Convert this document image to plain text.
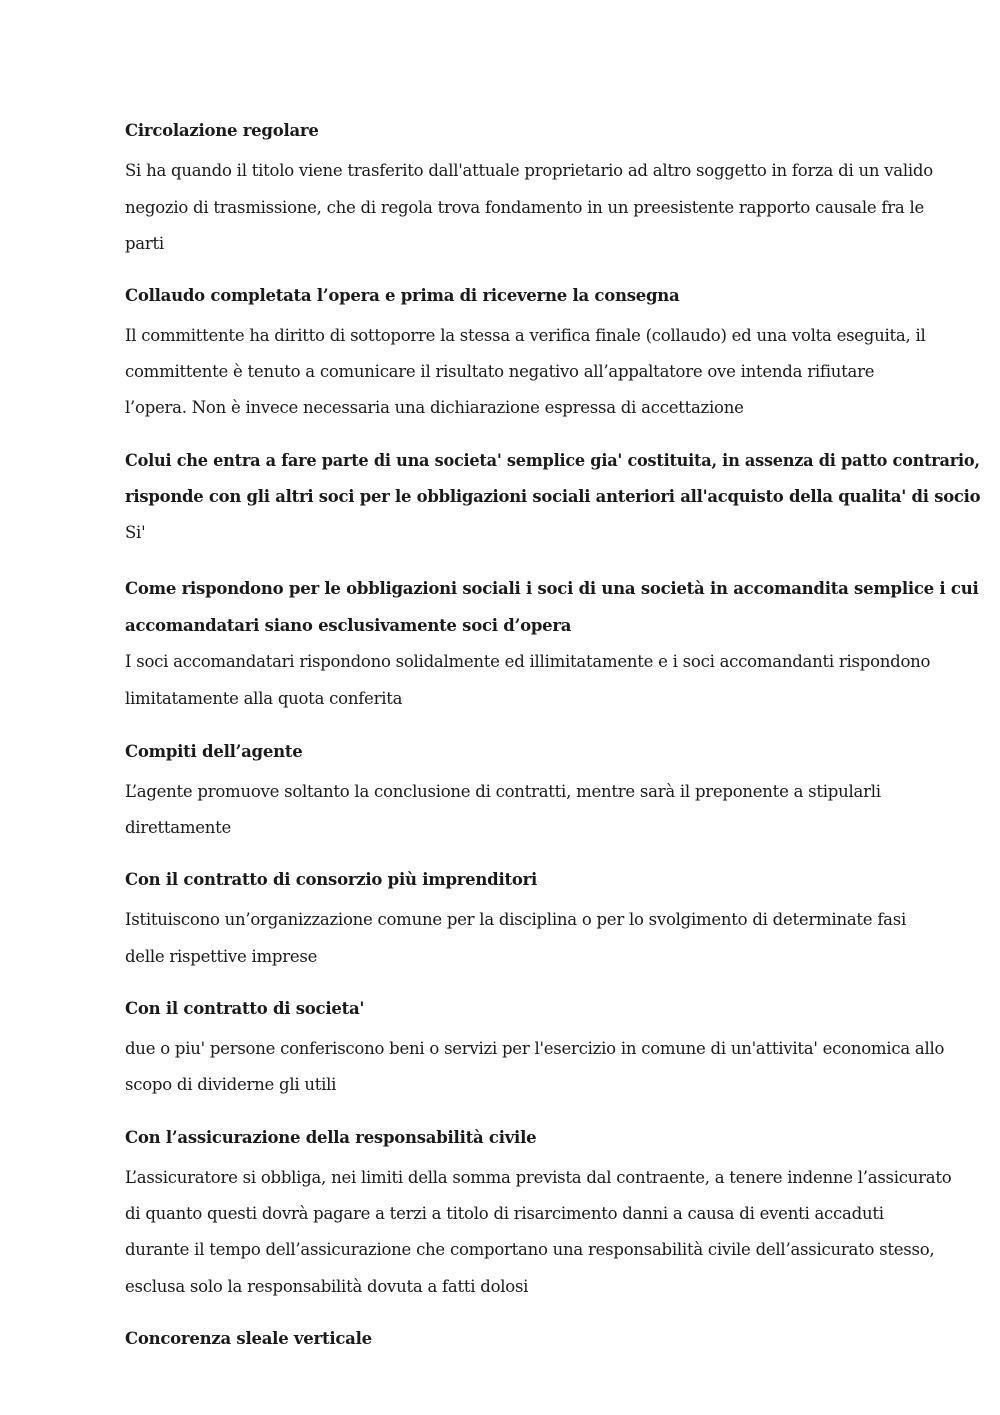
Circolazione regolare
Si ha quando il titolo viene trasferito dall'attuale proprietario ad altro soggetto in forza di un valido
negozio di trasmissione, che di regola trova fondamento in un preesistente rapporto causale fra le
parti
Collaudo completata l’opera e prima di riceverne la consegna
Il committente ha diritto di sottoporre la stessa a verifica finale (collaudo) ed una volta eseguita, il
committente è tenuto a comunicare il risultato negativo all’appaltatore ove intenda rifiutare
l’opera. Non è invece necessaria una dichiarazione espressa di accettazione
Colui che entra a fare parte di una societa' semplice gia' costituita, in assenza di patto contrario,
risponde con gli altri soci per le obbligazioni sociali anteriori all'acquisto della qualita' di socio
Si'
Come rispondono per le obbligazioni sociali i soci di una società in accomandita semplice i cui
accomandatari siano esclusivamente soci d’opera
I soci accomandatari rispondono solidalmente ed illimitatamente e i soci accomandanti rispondono
limitatamente alla quota conferita
Compiti dell’agente
L’agente promuove soltanto la conclusione di contratti, mentre sarà il preponente a stipularli
direttamente
Con il contratto di consorzio più imprenditori
Istituiscono un’organizzazione comune per la disciplina o per lo svolgimento di determinate fasi
delle rispettive imprese
Con il contratto di societa'
due o piu' persone conferiscono beni o servizi per l'esercizio in comune di un'attivita' economica allo
scopo di dividerne gli utili
Con l’assicurazione della responsabilità civile
L’assicuratore si obbliga, nei limiti della somma prevista dal contraente, a tenere indenne l’assicurato
di quanto questi dovrà pagare a terzi a titolo di risarcimento danni a causa di eventi accaduti
durante il tempo dell’assicurazione che comportano una responsabilità civile dell’assicurato stesso,
esclusa solo la responsabilità dovuta a fatti dolosi
Concorenza sleale verticale
